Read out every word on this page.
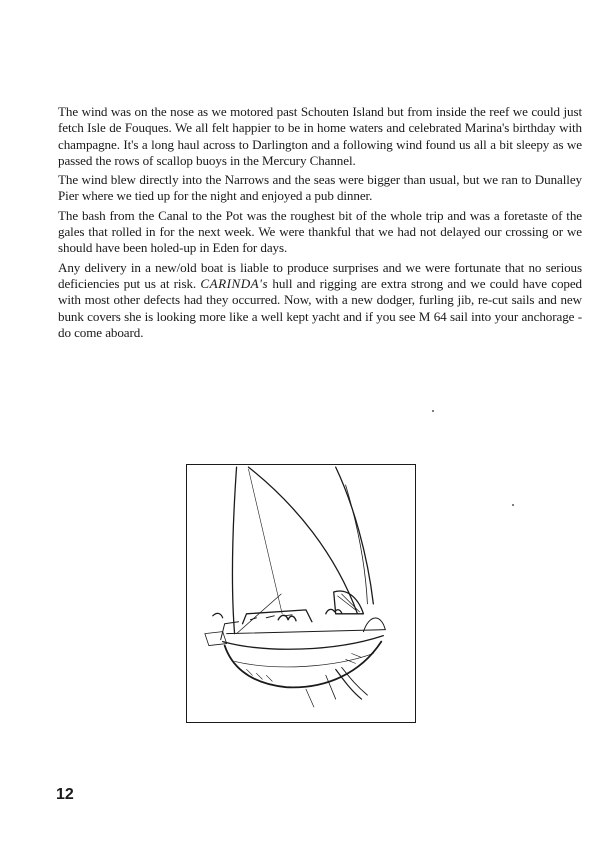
The wind was on the nose as we motored past Schouten Island but from inside the reef we could just fetch Isle de Fouques. We all felt happier to be in home waters and celebrated Marina's birthday with champagne. It's a long haul across to Darlington and a following wind found us all a bit sleepy as we passed the rows of scallop buoys in the Mercury Channel.

The wind blew directly into the Narrows and the seas were bigger than usual, but we ran to Dunalley Pier where we tied up for the night and enjoyed a pub dinner.

The bash from the Canal to the Pot was the roughest bit of the whole trip and was a foretaste of the gales that rolled in for the next week. We were thankful that we had not delayed our crossing or we should have been holed-up in Eden for days.

Any delivery in a new/old boat is liable to produce surprises and we were fortunate that no serious deficiencies put us at risk. CARINDA's hull and rigging are extra strong and we could have coped with most other defects had they occurred. Now, with a new dodger, furling jib, re-cut sails and new bunk covers she is looking more like a well kept yacht and if you see M 64 sail into your anchorage - do come aboard.

12
